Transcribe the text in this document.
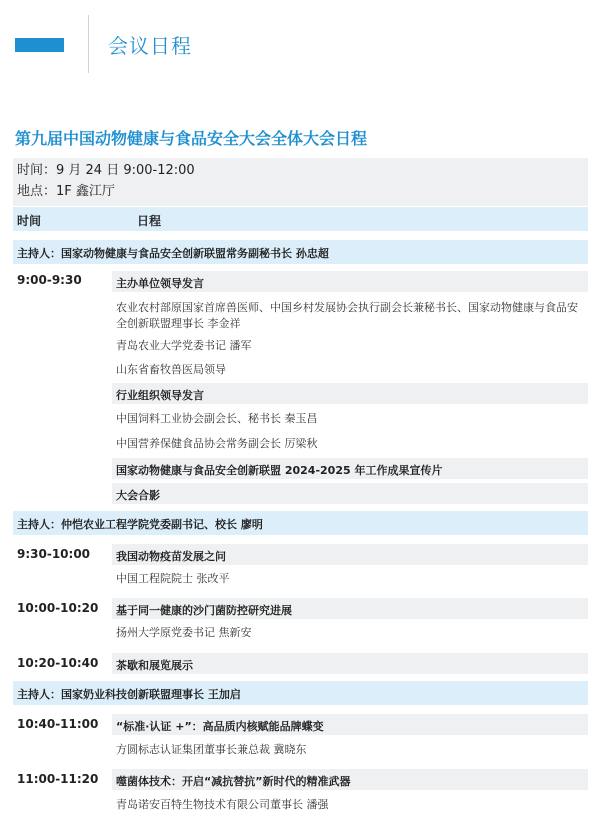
会议日程
第九届中国动物健康与食品安全大会全体大会日程
时间：9 月 24 日 9:00-12:00
地点：1F 鑫江厅
时间	日程
主持人：国家动物健康与食品安全创新联盟常务副秘书长 孙忠超
9:00-9:30	主办单位领导发言
农业农村部原国家首席兽医师、中国乡村发展协会执行副会长兼秘书长、国家动物健康与食品安全创新联盟理事长 李金祥
青岛农业大学党委书记 潘军
山东省畜牧兽医局领导
行业组织领导发言
中国饲料工业协会副会长、秘书长 秦玉昌
中国营养保健食品协会常务副会长 厉梁秋
国家动物健康与食品安全创新联盟 2024-2025 年工作成果宣传片
大会合影
主持人：仲恺农业工程学院党委副书记、校长 廖明
9:30-10:00 我国动物疫苗发展之问
中国工程院院士 张改平
10:00-10:20 基于同一健康的沙门菌防控研究进展
扬州大学原党委书记 焦新安
10:20-10:40 茶歇和展览展示
主持人：国家奶业科技创新联盟理事长 王加启
10:40-11:00 “标准·认证 +”：高品质内核赋能品牌蝶变
方圆标志认证集团董事长兼总裁 冀晓东
11:00-11:20 噬菌体技术：开启“减抗替抗”新时代的精准武器
青岛诺安百特生物技术有限公司董事长 潘强
